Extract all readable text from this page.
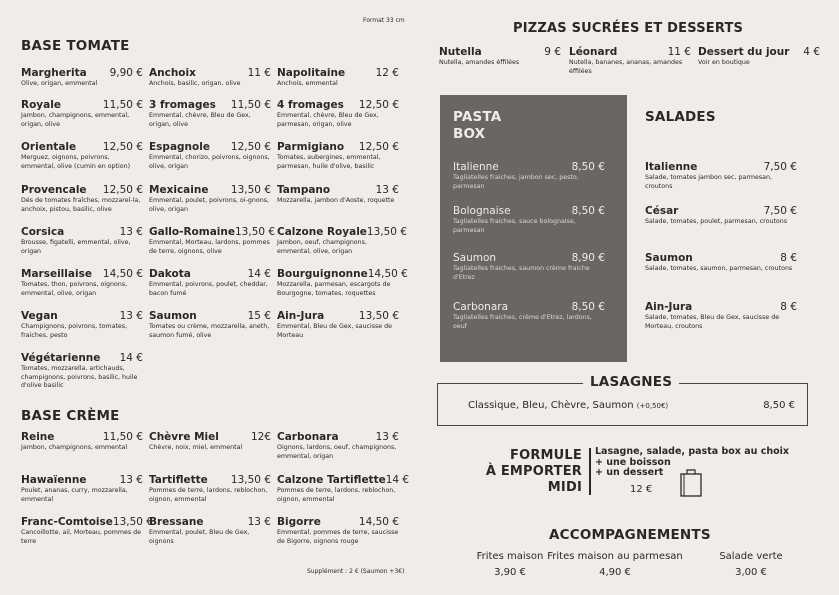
Format 33 cm
BASE TOMATE
Margherita 9,90 €
Olive, origan, emmental
Anchoix	11 €
Anchois, basilic, origan, olive
Napolitaine	12 €
Anchois, emmental
Royale	11,50 €
Jambon, champignons, emmental, origan, olive
3 fromages 11,50 €
Emmental, chèvre, Bleu de Gex, origan, olive
4 fromages 12,50 €
Emmental, chèvre, Bleu de Gex, parmesan, origan, olive
Orientale	12,50 €
Merguez, oignons, poivrons, emmental, olive (cumin en option)
Espagnole 12,50 €
Emmental, chorizo, poivrons, oignons, olive, origan
Parmigiano 12,50 €
Tomates, aubergines, emmental, parmesan, huile d'olive, basilic
Provencale 12,50 €
Dés de tomates fraîches, mozzarel-la, anchoix, pistou, basilic, olive
Mexicaine 13,50 €
Emmental, poulet, poivrons, oi-gnons, olive, origan
Tampano	13 €
Mozzarella, jambon d'Aoste, roquette
Corsica	13 €
Brousse, figatelli, emmental, olive, origan
Gallo-Romaine 13,50 €
Emmental, Morteau, lardons, pommes de terre, oignons, olive
Calzone Royale 13,50 €
Jambon, oeuf, champignons, emmental, olive, origan
Marseillaise 14,50 €
Tomates, thon, poivrons, oignons, emmental, olive, origan
Dakota	14 €
Emmental, poivrons, poulet, cheddar, bacon fumé
Bourguignonne 14,50 €
Mozzarella, parmesan, escargots de Bourgogne, tomates, roquettes
Vegan	13 €
Champignons, poivrons, tomates, fraiches, pesto
Saumon	15 €
Tomates ou crème, mozzarella, aneth, saumon fumé, olive
Ain-Jura	13,50 €
Emmental, Bleu de Gex, saucisse de Morteau
Végétarienne 14 €
Tomates, mozzarella, artichauds, champignons, poivrons, basilic, huile d'olive basilic
BASE CRÈME
Reine	11,50 €
Jambon, champignons, emmental
Chèvre Miel	12€
Chèvre, noix, miel, emmental
Carbonara	13 €
Oignons, lardons, oeuf, champignons, emmental, origan
Hawaïenne	13 €
Poulet, ananas, curry, mozzarella, emmental
Tartiflette 13,50 €
Pommes de terre, lardons, reblochon, oignon, emmental
Calzone Tartiflette 14 €
Pommes de terre, lardons, reblochon, oignon, emmental
Franc-Comtoise 13,50 €
Cancoillotte, ail, Morteau, pommes de terre
Bressane	13 €
Emmental, poulet, Bleu de Gex, oignons
Bigorre	14,50 €
Emmental, pommes de terre, saucisse de Bigorre, oignons rouge
Supplément : 2 € (Saumon +3€)
PIZZAS SUCRÉES ET DESSERTS
Nutella	9 €
Nutella, amandes éffilées
Léonard	11 €
Nutella, bananes, ananas, amandes éffilées
Dessert du jour 4 €
Voir en boutique
PASTA
BOX
Italienne	8,50 €
Tagliatelles fraiches, jambon sec, pesto, parmesan
Bolognaise	8,50 €
Tagliatelles fraiches, sauce bolognaise, parmesan
Saumon	8,90 €
Tagliatelles fraiches, saumon crème fraiche d'Etrez
Carbonara	8,50 €
Tagliatelles fraiches, crème d'Etrez, lardons, oeuf
SALADES
Italienne	7,50 €
Salade, tomates jambon sec, parmesan, croutons
César	7,50 €
Salade, tomates, poulet, parmesan, croutons
Saumon	8 €
Salade, tomates, saumon, parmesan, croutons
Ain-Jura	8 €
Salade, tomates, Bleu de Gex, saucisse de Morteau, croutons
LASAGNES
Classique, Bleu, Chèvre, Saumon (+0,50€)	8,50 €
FORMULE
À EMPORTER
MIDI
Lasagne, salade, pasta box au choix
+ une boisson
+ un dessert
12 €
ACCOMPAGNEMENTS
Frites maison
3,90 €
Frites maison au parmesan
4,90 €
Salade verte
3,00 €
